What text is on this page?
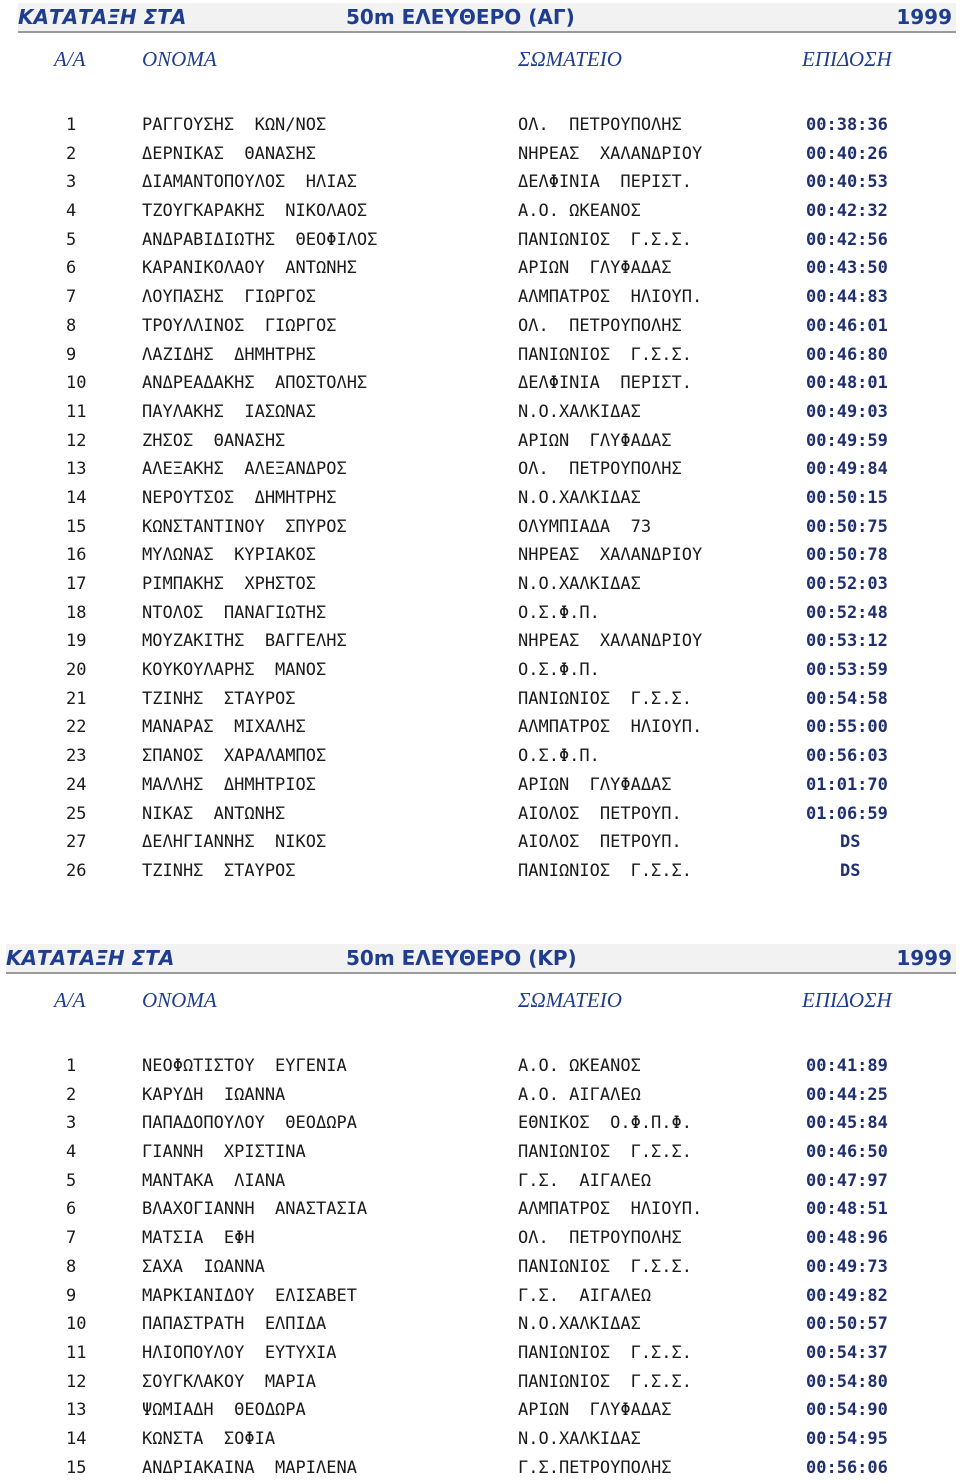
ΚΑΤΑΤΑΞΗ ΣΤΑ	50m ΕΛΕΥΘΕΡΟ (ΑΓ)	1999
Α/Α	ΟΝΟΜΑ	ΣΩΜΑΤΕΙΟ	ΕΠΙΔΟΣΗ
1	ΡΑΓΓΟΥΣΗΣ  ΚΩΝ/ΝΟΣ	ΟΛ.  ΠΕΤΡΟΥΠΟΛΗΣ	00:38:36
2	ΔΕΡΝΙΚΑΣ  ΘΑΝΑΣΗΣ	ΝΗΡΕΑΣ  ΧΑΛΑΝΔΡΙΟΥ	00:40:26
3	ΔΙΑΜΑΝΤΟΠΟΥΛΟΣ  ΗΛΙΑΣ	ΔΕΛΦΙΝΙΑ  ΠΕΡΙΣΤ.	00:40:53
4	ΤΖΟΥΓΚΑΡΑΚΗΣ  ΝΙΚΟΛΑΟΣ	Α.Ο. ΩΚΕΑΝΟΣ	00:42:32
5	ΑΝΔΡΑΒΙΔΙΩΤΗΣ  ΘΕΟΦΙΛΟΣ	ΠΑΝΙΩΝΙΟΣ  Γ.Σ.Σ.	00:42:56
6	ΚΑΡΑΝΙΚΟΛΑΟΥ  ΑΝΤΩΝΗΣ	ΑΡΙΩΝ  ΓΛΥΦΑΔΑΣ	00:43:50
7	ΛΟΥΠΑΣΗΣ  ΓΙΩΡΓΟΣ	ΑΛΜΠΑΤΡΟΣ  ΗΛΙΟΥΠ.	00:44:83
8	ΤΡΟΥΛΛΙΝΟΣ  ΓΙΩΡΓΟΣ	ΟΛ.  ΠΕΤΡΟΥΠΟΛΗΣ	00:46:01
9	ΛΑΖΙΔΗΣ  ΔΗΜΗΤΡΗΣ	ΠΑΝΙΩΝΙΟΣ  Γ.Σ.Σ.	00:46:80
10	ΑΝΔΡΕΑΔΑΚΗΣ  ΑΠΟΣΤΟΛΗΣ	ΔΕΛΦΙΝΙΑ  ΠΕΡΙΣΤ.	00:48:01
11	ΠΑΥΛΑΚΗΣ  ΙΑΣΩΝΑΣ	Ν.Ο.ΧΑΛΚΙΔΑΣ	00:49:03
12	ΖΗΣΟΣ  ΘΑΝΑΣΗΣ	ΑΡΙΩΝ  ΓΛΥΦΑΔΑΣ	00:49:59
13	ΑΛΕΞΑΚΗΣ  ΑΛΕΞΑΝΔΡΟΣ	ΟΛ.  ΠΕΤΡΟΥΠΟΛΗΣ	00:49:84
14	ΝΕΡΟΥΤΣΟΣ  ΔΗΜΗΤΡΗΣ	Ν.Ο.ΧΑΛΚΙΔΑΣ	00:50:15
15	ΚΩΝΣΤΑΝΤΙΝΟΥ  ΣΠΥΡΟΣ	ΟΛΥΜΠΙΑΔΑ  73	00:50:75
16	ΜΥΛΩΝΑΣ  ΚΥΡΙΑΚΟΣ	ΝΗΡΕΑΣ  ΧΑΛΑΝΔΡΙΟΥ	00:50:78
17	ΡΙΜΠΑΚΗΣ  ΧΡΗΣΤΟΣ	Ν.Ο.ΧΑΛΚΙΔΑΣ	00:52:03
18	ΝΤΟΛΟΣ  ΠΑΝΑΓΙΩΤΗΣ	Ο.Σ.Φ.Π.	00:52:48
19	ΜΟΥΖΑΚΙΤΗΣ  ΒΑΓΓΕΛΗΣ	ΝΗΡΕΑΣ  ΧΑΛΑΝΔΡΙΟΥ	00:53:12
20	ΚΟΥΚΟΥΛΑΡΗΣ  ΜΑΝΟΣ	Ο.Σ.Φ.Π.	00:53:59
21	ΤΖΙΝΗΣ  ΣΤΑΥΡΟΣ	ΠΑΝΙΩΝΙΟΣ  Γ.Σ.Σ.	00:54:58
22	ΜΑΝΑΡΑΣ  ΜΙΧΑΛΗΣ	ΑΛΜΠΑΤΡΟΣ  ΗΛΙΟΥΠ.	00:55:00
23	ΣΠΑΝΟΣ  ΧΑΡΑΛΑΜΠΟΣ	Ο.Σ.Φ.Π.	00:56:03
24	ΜΑΛΛΗΣ  ΔΗΜΗΤΡΙΟΣ	ΑΡΙΩΝ  ΓΛΥΦΑΔΑΣ	01:01:70
25	ΝΙΚΑΣ  ΑΝΤΩΝΗΣ	ΑΙΟΛΟΣ  ΠΕΤΡΟΥΠ.	01:06:59
27	ΔΕΛΗΓΙΑΝΝΗΣ  ΝΙΚΟΣ	ΑΙΟΛΟΣ  ΠΕΤΡΟΥΠ.	DS
26	ΤΖΙΝΗΣ  ΣΤΑΥΡΟΣ	ΠΑΝΙΩΝΙΟΣ  Γ.Σ.Σ.	DS
ΚΑΤΑΤΑΞΗ ΣΤΑ	50m ΕΛΕΥΘΕΡΟ (ΚΡ)	1999
Α/Α	ΟΝΟΜΑ	ΣΩΜΑΤΕΙΟ	ΕΠΙΔΟΣΗ
1	ΝΕΟΦΩΤΙΣΤΟΥ  ΕΥΓΕΝΙΑ	Α.Ο. ΩΚΕΑΝΟΣ	00:41:89
2	ΚΑΡΥΔΗ  ΙΩΑΝΝΑ	Α.Ο. ΑΙΓΑΛΕΩ	00:44:25
3	ΠΑΠΑΔΟΠΟΥΛΟΥ  ΘΕΟΔΩΡΑ	ΕΘΝΙΚΟΣ  Ο.Φ.Π.Φ.	00:45:84
4	ΓΙΑΝΝΗ  ΧΡΙΣΤΙΝΑ	ΠΑΝΙΩΝΙΟΣ  Γ.Σ.Σ.	00:46:50
5	ΜΑΝΤΑΚΑ  ΛΙΑΝΑ	Γ.Σ.  ΑΙΓΑΛΕΩ	00:47:97
6	ΒΛΑΧΟΓΙΑΝΝΗ  ΑΝΑΣΤΑΣΙΑ	ΑΛΜΠΑΤΡΟΣ  ΗΛΙΟΥΠ.	00:48:51
7	ΜΑΤΣΙΑ  ΕΦΗ	ΟΛ.  ΠΕΤΡΟΥΠΟΛΗΣ	00:48:96
8	ΣΑΧΑ  ΙΩΑΝΝΑ	ΠΑΝΙΩΝΙΟΣ  Γ.Σ.Σ.	00:49:73
9	ΜΑΡΚΙΑΝΙΔΟΥ  ΕΛΙΣΑΒΕΤ	Γ.Σ.  ΑΙΓΑΛΕΩ	00:49:82
10	ΠΑΠΑΣΤΡΑΤΗ  ΕΛΠΙΔΑ	Ν.Ο.ΧΑΛΚΙΔΑΣ	00:50:57
11	ΗΛΙΟΠΟΥΛΟΥ  ΕΥΤΥΧΙΑ	ΠΑΝΙΩΝΙΟΣ  Γ.Σ.Σ.	00:54:37
12	ΣΟΥΓΚΛΑΚΟΥ  ΜΑΡΙΑ	ΠΑΝΙΩΝΙΟΣ  Γ.Σ.Σ.	00:54:80
13	ΨΩΜΙΑΔΗ  ΘΕΟΔΩΡΑ	ΑΡΙΩΝ  ΓΛΥΦΑΔΑΣ	00:54:90
14	ΚΩΝΣΤΑ  ΣΟΦΙΑ	Ν.Ο.ΧΑΛΚΙΔΑΣ	00:54:95
15	ΑΝΔΡΙΑΚΑΙΝΑ  ΜΑΡΙΛΕΝΑ	Γ.Σ.ΠΕΤΡΟΥΠΟΛΗΣ	00:56:06
